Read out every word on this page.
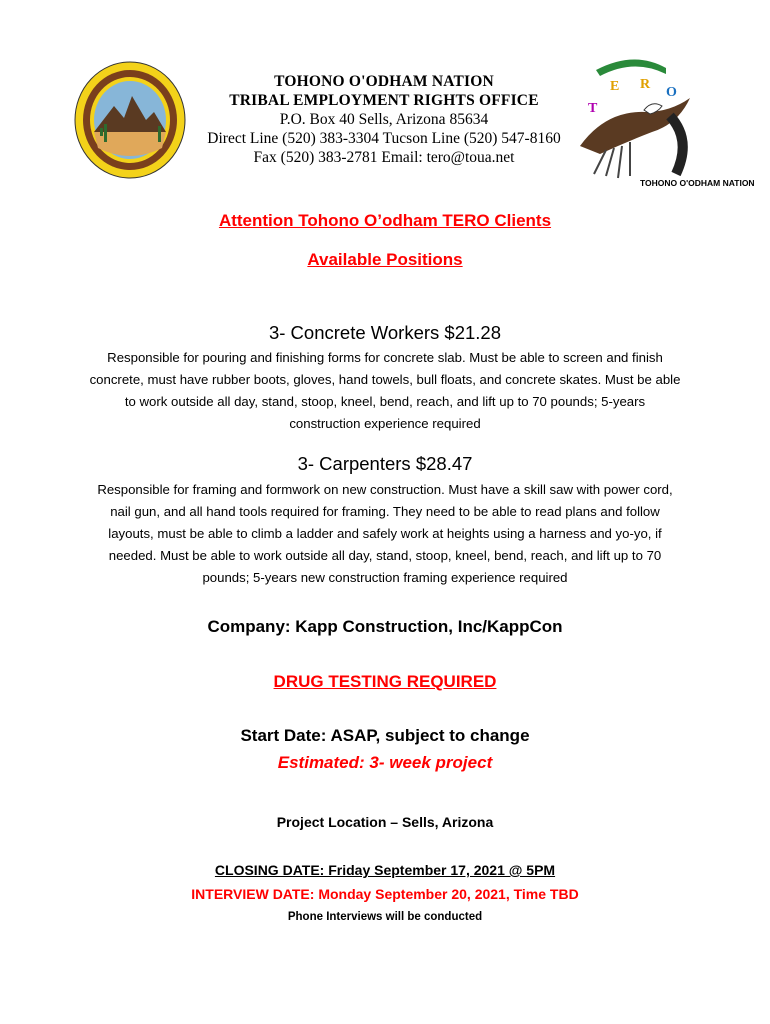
TOHONO O'ODHAM NATION
TRIBAL EMPLOYMENT RIGHTS OFFICE
P.O. Box 40 Sells, Arizona 85634
Direct Line (520) 383-3304 Tucson Line (520) 547-8160
Fax (520) 383-2781 Email: tero@toua.net
T
E R
O
TOHONO O'ODHAM NATION
Attention Tohono O’odham TERO Clients
Available Positions
3- Concrete Workers $21.28
Responsible for pouring and finishing forms for concrete slab. Must be able to screen and finish concrete, must have rubber boots, gloves, hand towels, bull floats, and concrete skates. Must be able to work outside all day, stand, stoop, kneel, bend, reach, and lift up to 70 pounds; 5-years construction experience required
3- Carpenters $28.47
Responsible for framing and formwork on new construction. Must have a skill saw with power cord, nail gun, and all hand tools required for framing. They need to be able to read plans and follow layouts, must be able to climb a ladder and safely work at heights using a harness and yo-yo, if needed. Must be able to work outside all day, stand, stoop, kneel, bend, reach, and lift up to 70 pounds; 5-years new construction framing experience required
Company: Kapp Construction, Inc/KappCon
DRUG TESTING REQUIRED
Start Date: ASAP, subject to change
Estimated: 3- week project
Project Location – Sells, Arizona
CLOSING DATE: Friday September 17, 2021 @ 5PM
INTERVIEW DATE: Monday September 20, 2021, Time TBD
Phone Interviews will be conducted
